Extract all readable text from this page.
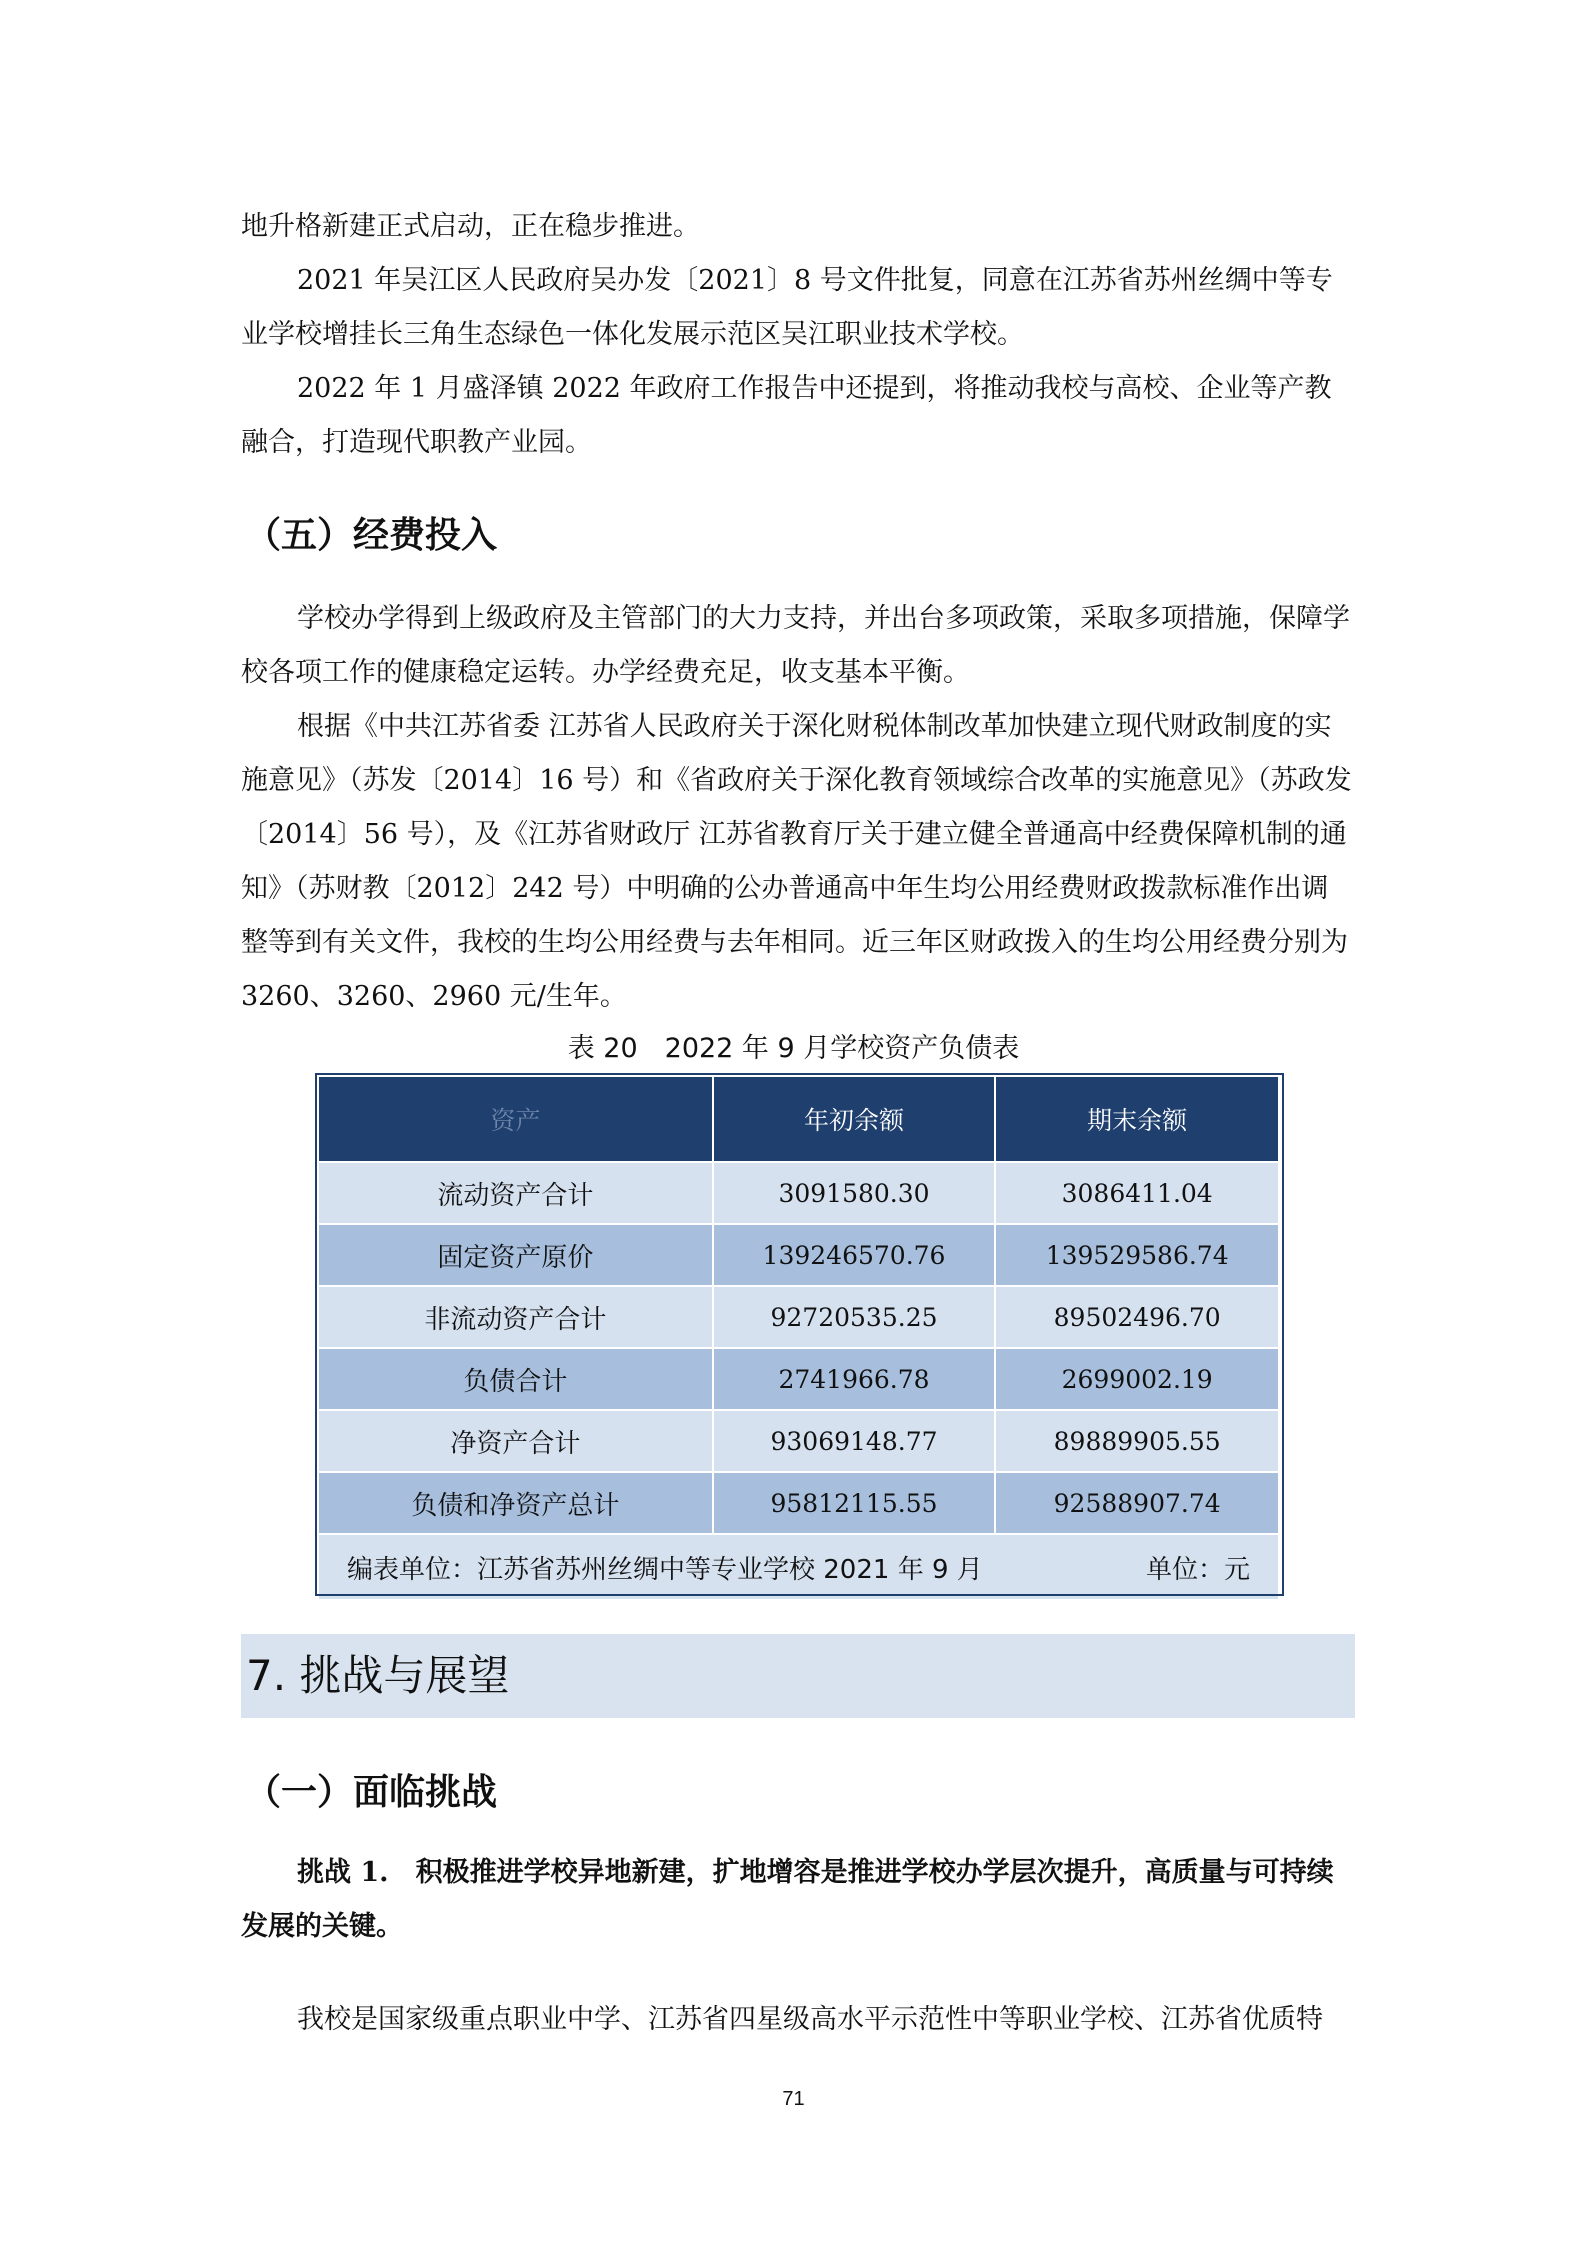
地升格新建正式启动，正在稳步推进。

2021 年吴江区人民政府吴办发〔2021〕8 号文件批复，同意在江苏省苏州丝绸中等专业学校增挂长三角生态绿色一体化发展示范区吴江职业技术学校。

2022 年 1 月盛泽镇 2022 年政府工作报告中还提到，将推动我校与高校、企业等产教融合，打造现代职教产业园。

（五）经费投入

学校办学得到上级政府及主管部门的大力支持，并出台多项政策，采取多项措施，保障学校各项工作的健康稳定运转。办学经费充足，收支基本平衡。

根据《中共江苏省委 江苏省人民政府关于深化财税体制改革加快建立现代财政制度的实施意见》（苏发〔2014〕16 号）和《省政府关于深化教育领域综合改革的实施意见》（苏政发〔2014〕56 号），及《江苏省财政厅 江苏省教育厅关于建立健全普通高中经费保障机制的通知》（苏财教〔2012〕242 号）中明确的公办普通高中年生均公用经费财政拨款标准作出调整等到有关文件，我校的生均公用经费与去年相同。近三年区财政拨入的生均公用经费分别为 3260、3260、2960 元/生年。

表 20　2022 年 9 月学校资产负债表
资产	年初余额	期末余额
流动资产合计	3091580.30	3086411.04
固定资产原价	139246570.76	139529586.74
非流动资产合计	92720535.25	89502496.70
负债合计	2741966.78	2699002.19
净资产合计	93069148.77	89889905.55
负债和净资产总计	95812115.55	92588907.74

编表单位：江苏省苏州丝绸中等专业学校 2021 年 9 月 单位：元		
7. 挑战与展望
（一）面临挑战

挑战 1.　积极推进学校异地新建，扩地增容是推进学校办学层次提升，高质量与可持续发展的关键。

我校是国家级重点职业中学、江苏省四星级高水平示范性中等职业学校、江苏省优质特

71
